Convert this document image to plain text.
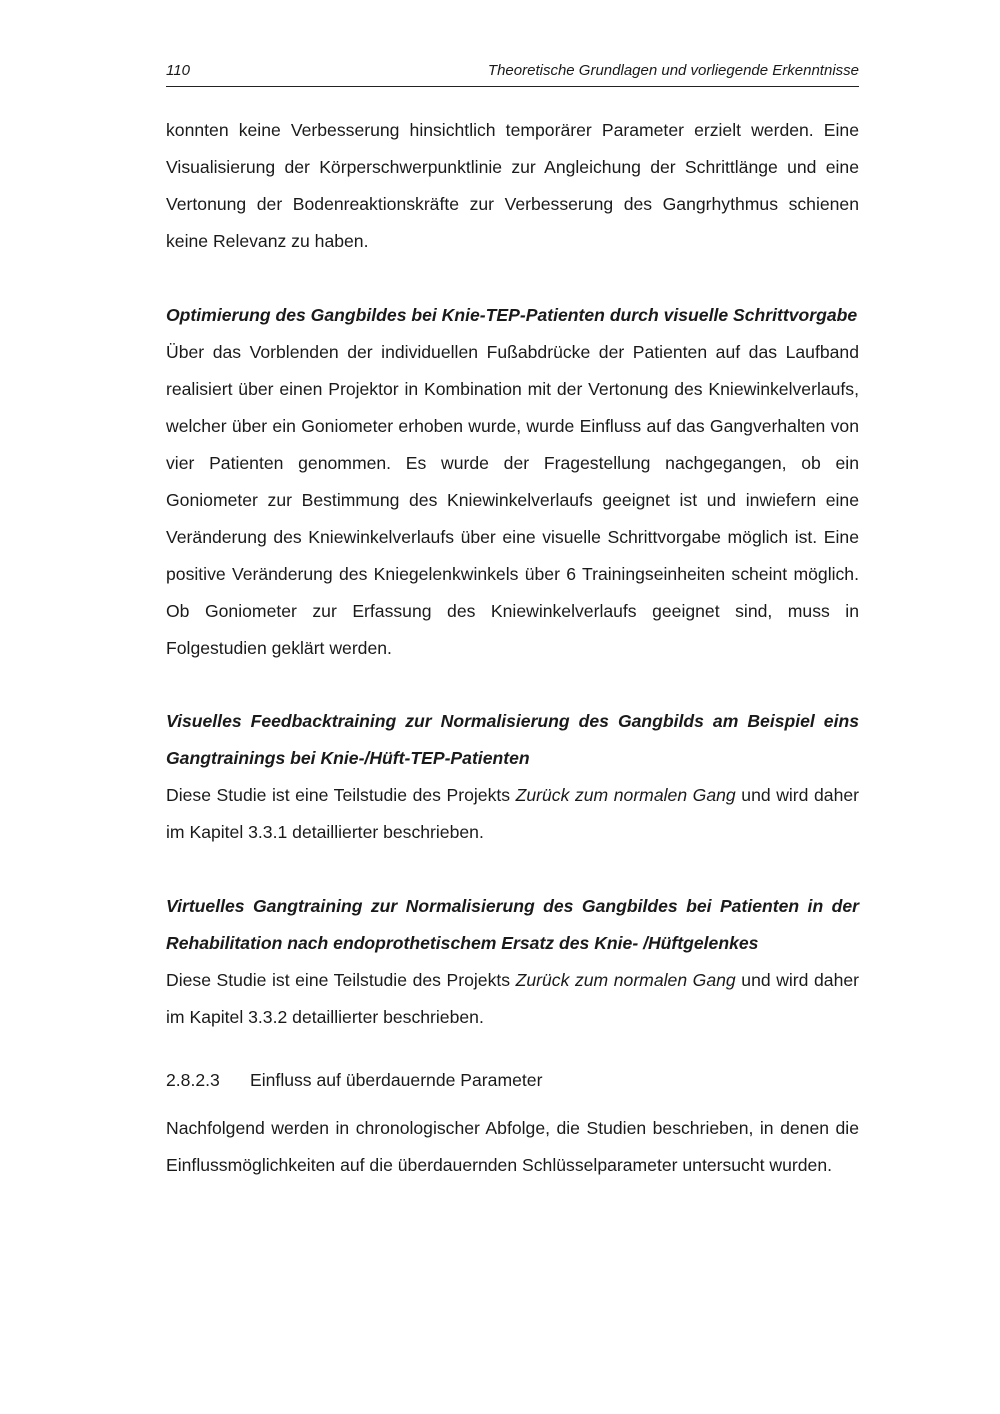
110	Theoretische Grundlagen und vorliegende Erkenntnisse

konnten keine Verbesserung hinsichtlich temporärer Parameter erzielt werden. Eine Visualisierung der Körperschwerpunktlinie zur Angleichung der Schrittlänge und eine Vertonung der Bodenreaktionskräfte zur Verbesserung des Gangrhythmus schienen keine Relevanz zu haben.

Optimierung des Gangbildes bei Knie-TEP-Patienten durch visuelle Schrittvorgabe

Über das Vorblenden der individuellen Fußabdrücke der Patienten auf das Laufband realisiert über einen Projektor in Kombination mit der Vertonung des Kniewinkelverlaufs, welcher über ein Goniometer erhoben wurde, wurde Einfluss auf das Gangverhalten von vier Patienten genommen. Es wurde der Fragestellung nachgegangen, ob ein Goniometer zur Bestimmung des Kniewinkelverlaufs geeignet ist und inwiefern eine Veränderung des Kniewinkelverlaufs über eine visuelle Schrittvorgabe möglich ist. Eine positive Veränderung des Kniegelenkwinkels über 6 Trainingseinheiten scheint möglich. Ob Goniometer zur Erfassung des Kniewinkelverlaufs geeignet sind, muss in Folgestudien geklärt werden.

Visuelles Feedbacktraining zur Normalisierung des Gangbilds am Beispiel eins Gangtrainings bei Knie-/Hüft-TEP-Patienten

Diese Studie ist eine Teilstudie des Projekts Zurück zum normalen Gang und wird daher im Kapitel 3.3.1 detaillierter beschrieben.

Virtuelles Gangtraining zur Normalisierung des Gangbildes bei Patienten in der Rehabilitation nach endoprothetischem Ersatz des Knie- /Hüftgelenkes

Diese Studie ist eine Teilstudie des Projekts Zurück zum normalen Gang und wird daher im Kapitel 3.3.2 detaillierter beschrieben.

2.8.2.3 Einfluss auf überdauernde Parameter

Nachfolgend werden in chronologischer Abfolge, die Studien beschrieben, in denen die Einflussmöglichkeiten auf die überdauernden Schlüsselparameter untersucht wurden.
